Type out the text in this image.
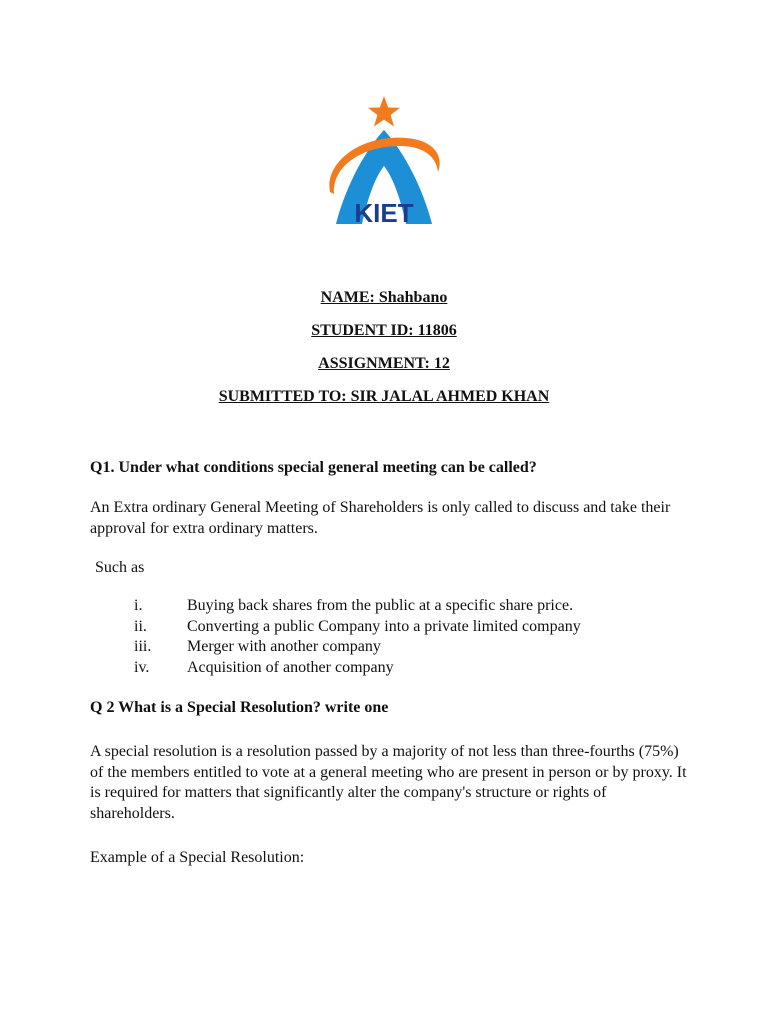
KIET
NAME: Shahbano
STUDENT ID: 11806
ASSIGNMENT: 12
SUBMITTED TO: SIR JALAL AHMED KHAN
Q1. Under what conditions special general meeting can be called?
An Extra ordinary General Meeting of Shareholders is only called to discuss and take their approval for extra ordinary matters.
Such as
i.	Buying back shares from the public at a specific share price.
ii.	Converting a public Company into a private limited company
iii. Merger with another company
iv. Acquisition of another company
Q 2 What is a Special Resolution? write one
A special resolution is a resolution passed by a majority of not less than three-fourths (75%) of the members entitled to vote at a general meeting who are present in person or by proxy. It is required for matters that significantly alter the company's structure or rights of shareholders.
Example of a Special Resolution:
